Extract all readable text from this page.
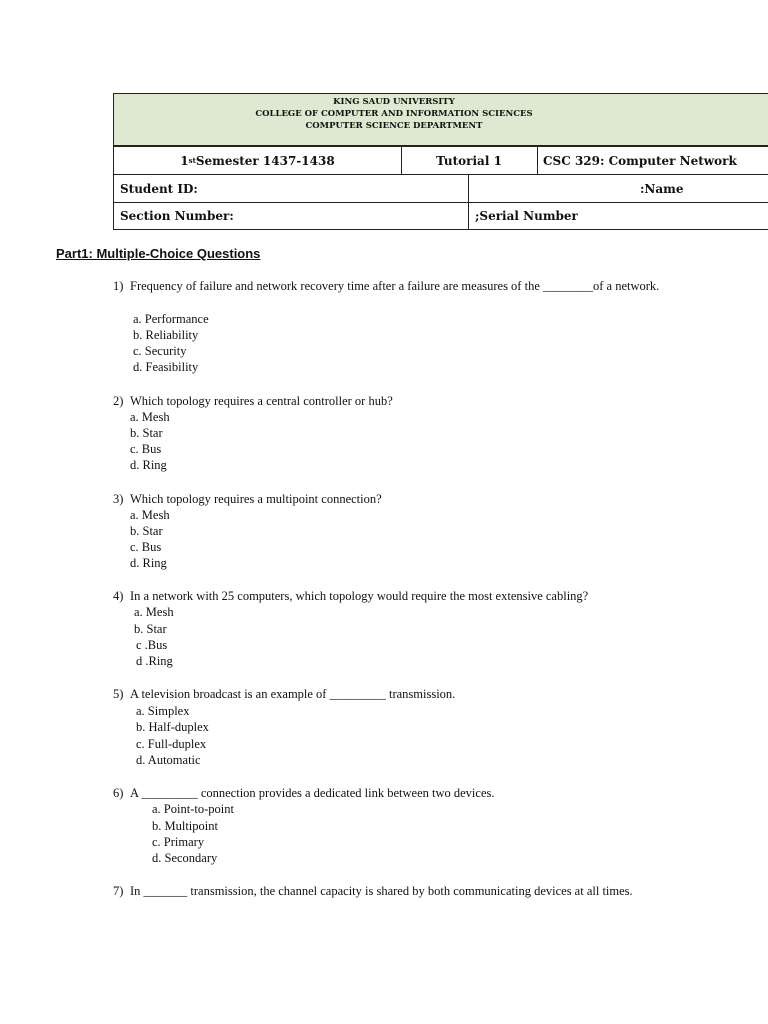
KING SAUD UNIVERSITY
COLLEGE OF COMPUTER AND INFORMATION SCIENCES
COMPUTER SCIENCE DEPARTMENT
1 st Semester 1437-1438	Tutorial 1	CSC 329: Computer Network
Student ID:	:Name
Section Number:	;Serial Number
Part1: Multiple-Choice Questions
1) Frequency of failure and network recovery time after a failure are measures of the ________of a network.
a. Performance
b. Reliability
c. Security
d. Feasibility
2) Which topology requires a central controller or hub?
a. Mesh
b. Star
c. Bus
d. Ring
3) Which topology requires a multipoint connection?
a. Mesh
b. Star
c. Bus
d. Ring
4) In a network with 25 computers, which topology would require the most extensive cabling?
a. Mesh
b. Star
c .Bus
d .Ring
5) A television broadcast is an example of _________ transmission.
a. Simplex
b. Half-duplex
c. Full-duplex
d. Automatic
6) A _________ connection provides a dedicated link between two devices.
a. Point-to-point
b. Multipoint
c. Primary
d. Secondary
7) In _______ transmission, the channel capacity is shared by both communicating devices at all times.
